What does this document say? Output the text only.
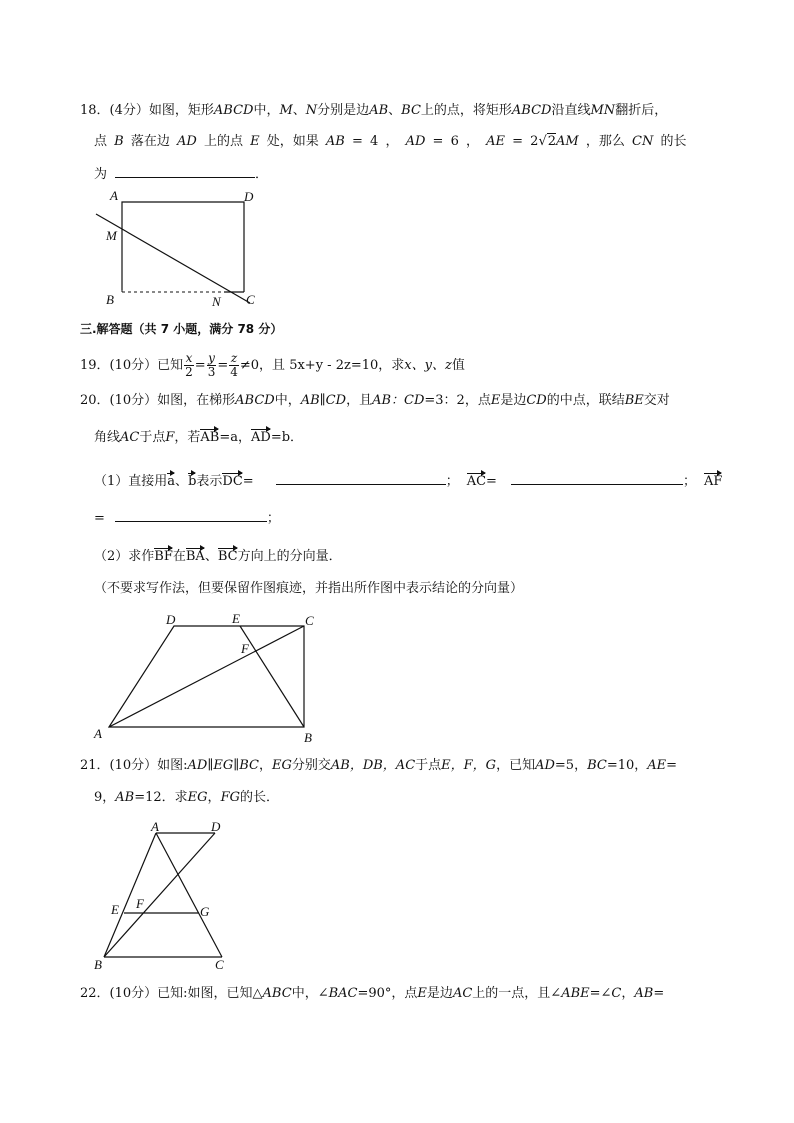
18．(4分）如图，矩形ABCD中，M、N分别是边AB、BC上的点，将矩形ABCD沿直线MN翻折后，
点 B 落在边 AD 上的点 E 处，如果 AB = 4 ， AD = 6 ， AE = 2√2AM ，那么 CN 的长
为	．
A	D
M
B	N C
三.解答题（共 7 小题，满分 78 分）
19．(10分）已知 $\frac{x}{2} = \frac{y}{3} = \frac{z}{4} \ne 0$，且 5x+y - 2z=10，求x、y、z值
20．(10分）如图，在梯形ABCD中，AB∥CD，且AB：CD=3：2，点E是边CD的中点，联结BE交对
角线AC于点F，若AB=a，AD=b．
（1）直接用a、b表示DC=	； AC=	； AF
=	；
（2）求作BF在BA、BC方向上的分向量．
（不要求写作法，但要保留作图痕迹，并指出所作图中表示结论的分向量）
D	E	C
F
A	B
21．(10分）如图:AD∥EG∥BC，EG分别交AB，DB，AC于点E，F，G，已知AD=5，BC=10，AE=
9，AB=12．求EG，FG的长．
A	D
E F
G
B	C
22．(10分）已知:如图，已知△ABC中，∠BAC=90°，点E是边AC上的一点，且∠ABE=∠C，AB=
